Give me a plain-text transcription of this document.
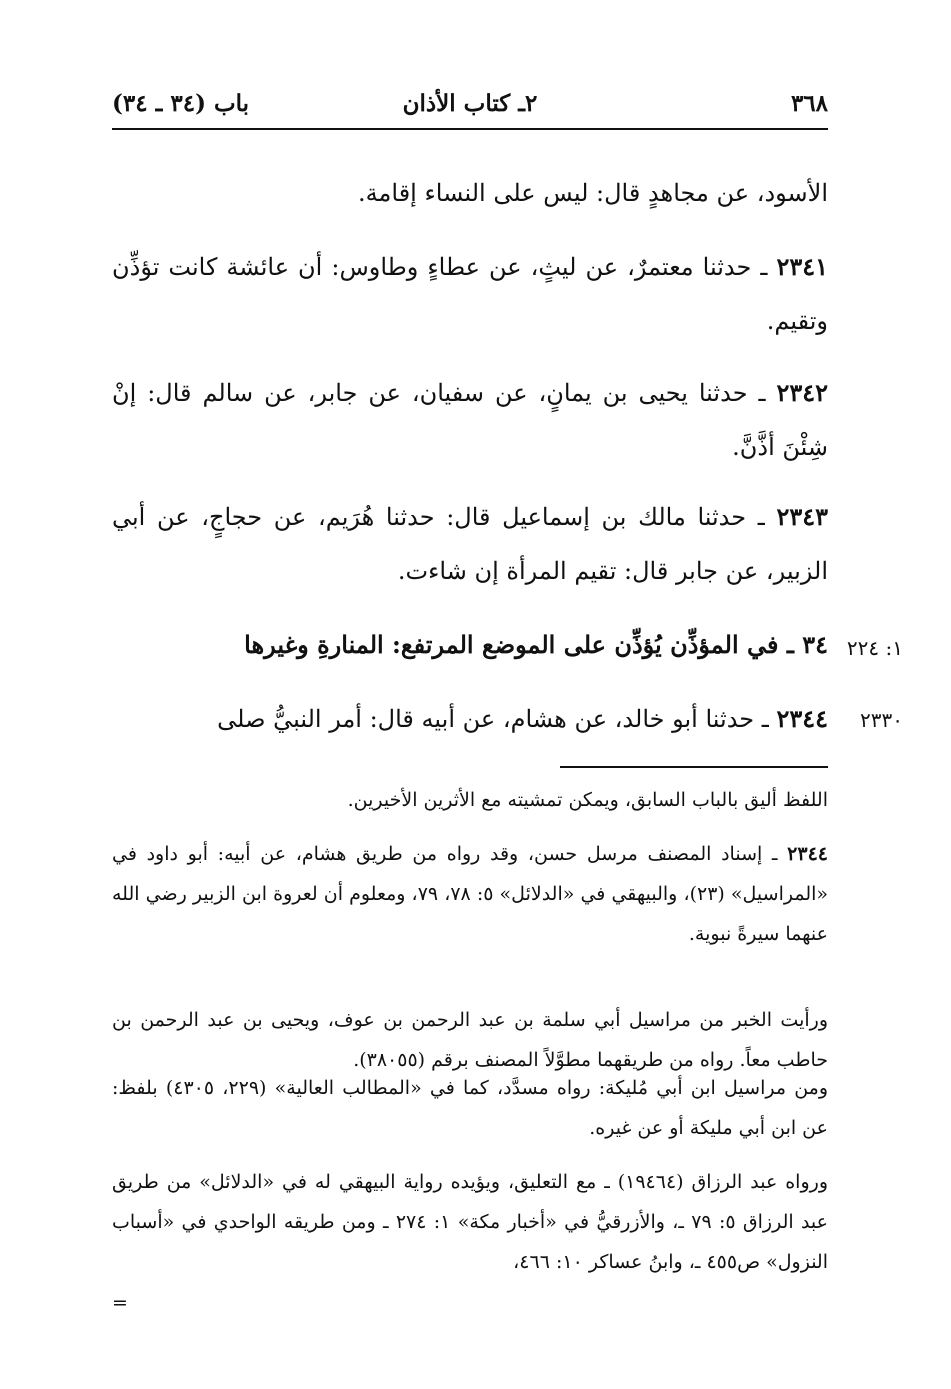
٣٦٨
٢ـ كتاب الأذان
باب (٣٤ ـ ٣٤)

الأسود، عن مجاهدٍ قال: ليس على النساء إقامة.

٢٣٤١ ـ حدثنا معتمرٌ، عن ليثٍ، عن عطاءٍ وطاوس: أن عائشة كانت تؤذِّن وتقيم.

٢٣٤٢ ـ حدثنا يحيى بن يمانٍ، عن سفيان، عن جابر، عن سالم قال: إنْ شِئْنَ أذَّنَّ.

٢٣٤٣ ـ حدثنا مالك بن إسماعيل قال: حدثنا هُرَيم، عن حجاجٍ، عن أبي الزبير، عن جابر قال: تقيم المرأة إن شاءت.

٣٤ ـ في المؤذِّن يُؤذِّن على الموضع المرتفع: المنارةِ وغيرها ١: ٢٢٤

٢٣٤٤ ـ حدثنا أبو خالد، عن هشام، عن أبيه قال: أمر النبيُّ صلى	٢٣٣٠

اللفظ أليق بالباب السابق، ويمكن تمشيته مع الأثرين الأخيرين.

٢٣٤٤ ـ إسناد المصنف مرسل حسن، وقد رواه من طريق هشام، عن أبيه: أبو داود في «المراسيل» (٢٣)، والبيهقي في «الدلائل» ٥: ٧٨، ٧٩، ومعلوم أن لعروة ابن الزبير رضي الله عنهما سيرةً نبوية.

ورأيت الخبر من مراسيل أبي سلمة بن عبد الرحمن بن عوف، ويحيى بن عبد الرحمن بن حاطب معاً. رواه من طريقهما مطوَّلاً المصنف برقم (٣٨٠٥٥).

ومن مراسيل ابن أبي مُليكة: رواه مسدَّد، كما في «المطالب العالية» (٢٢٩، ٤٣٠٥) بلفظ: عن ابن أبي مليكة أو عن غيره.

ورواه عبد الرزاق (١٩٤٦٤) ـ مع التعليق، ويؤيده رواية البيهقي له في «الدلائل» من طريق عبد الرزاق ٥: ٧٩ ـ، والأزرقيُّ في «أخبار مكة» ١: ٢٧٤ ـ ومن طريقه الواحدي في «أسباب النزول» ص٤٥٥ ـ، وابنُ عساكر ١٠: ٤٦٦،

=
